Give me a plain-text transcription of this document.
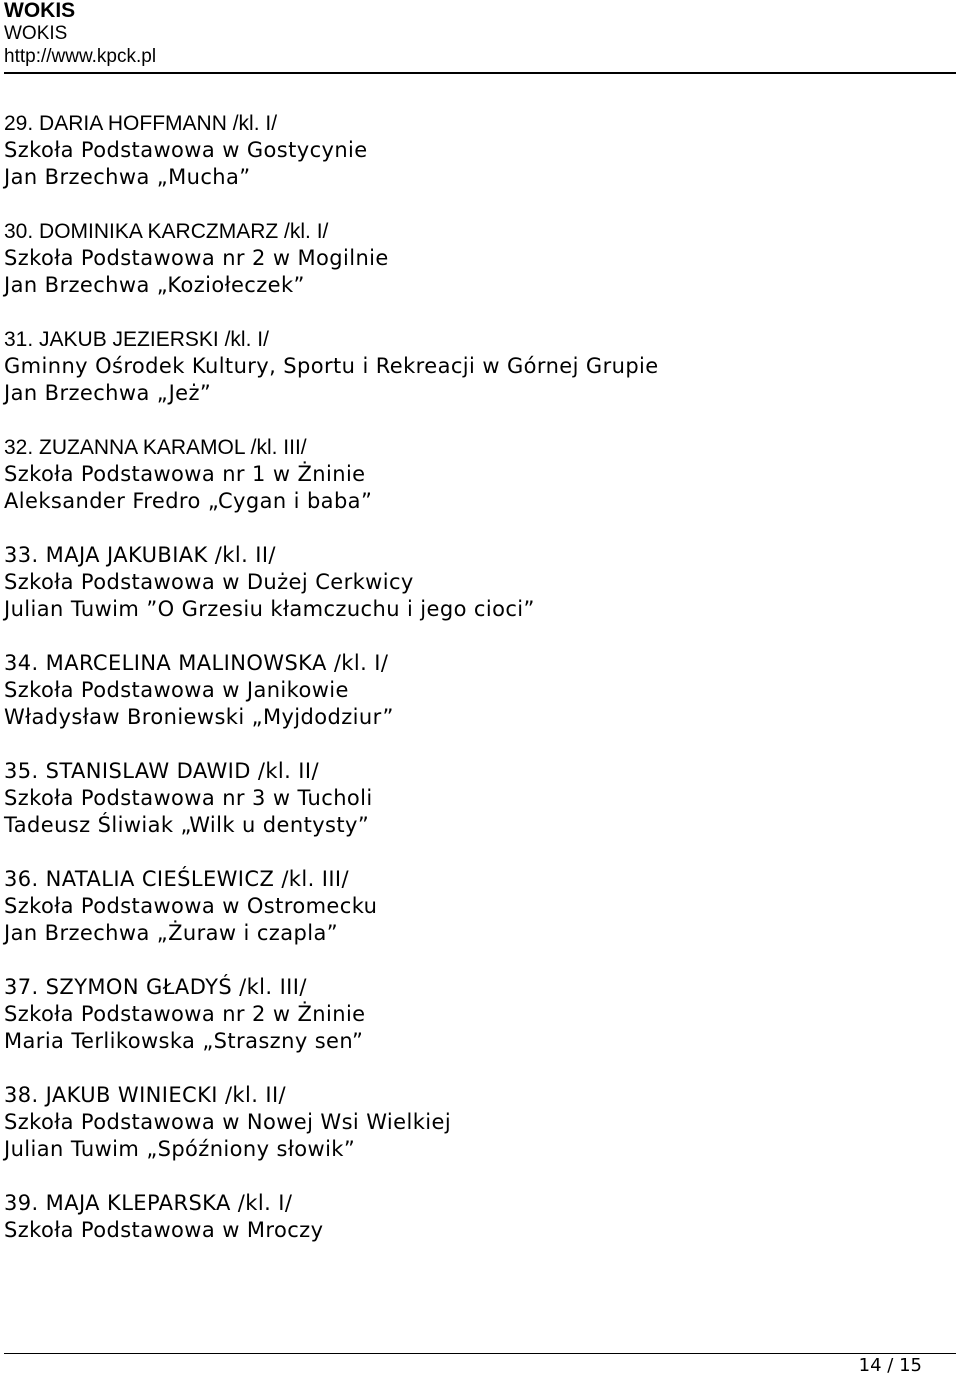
WOKIS
WOKIS
http://www.kpck.pl
29. DARIA HOFFMANN /kl. I/
Szkoła Podstawowa w Gostycynie
Jan Brzechwa „Mucha”
30. DOMINIKA KARCZMARZ /kl. I/
Szkoła Podstawowa nr 2 w Mogilnie
Jan Brzechwa „Koziołeczek”
31. JAKUB JEZIERSKI /kl. I/
Gminny Ośrodek Kultury, Sportu i Rekreacji w Górnej Grupie
Jan Brzechwa „Jeż”
32. ZUZANNA KARAMOL /kl. III/
Szkoła Podstawowa nr 1 w Żninie
Aleksander Fredro „Cygan i baba”
33. MAJA JAKUBIAK /kl. II/
Szkoła Podstawowa w Dużej Cerkwicy
Julian Tuwim ”O Grzesiu kłamczuchu i jego cioci”
34. MARCELINA MALINOWSKA /kl. I/
Szkoła Podstawowa w Janikowie
Władysław Broniewski „Myjdodziur”
35. STANISLAW DAWID /kl. II/
Szkoła Podstawowa nr 3 w Tucholi
Tadeusz Śliwiak „Wilk u dentysty”
36. NATALIA CIEŚLEWICZ /kl. III/
Szkoła Podstawowa w Ostromecku
Jan Brzechwa „Żuraw i czapla”
37. SZYMON GŁADYŚ /kl. III/
Szkoła Podstawowa nr 2 w Żninie
Maria Terlikowska „Straszny sen”
38. JAKUB WINIECKI /kl. II/
Szkoła Podstawowa w Nowej Wsi Wielkiej
Julian Tuwim „Spóźniony słowik”
39. MAJA KLEPARSKA /kl. I/
Szkoła Podstawowa w Mroczy
14 / 15
